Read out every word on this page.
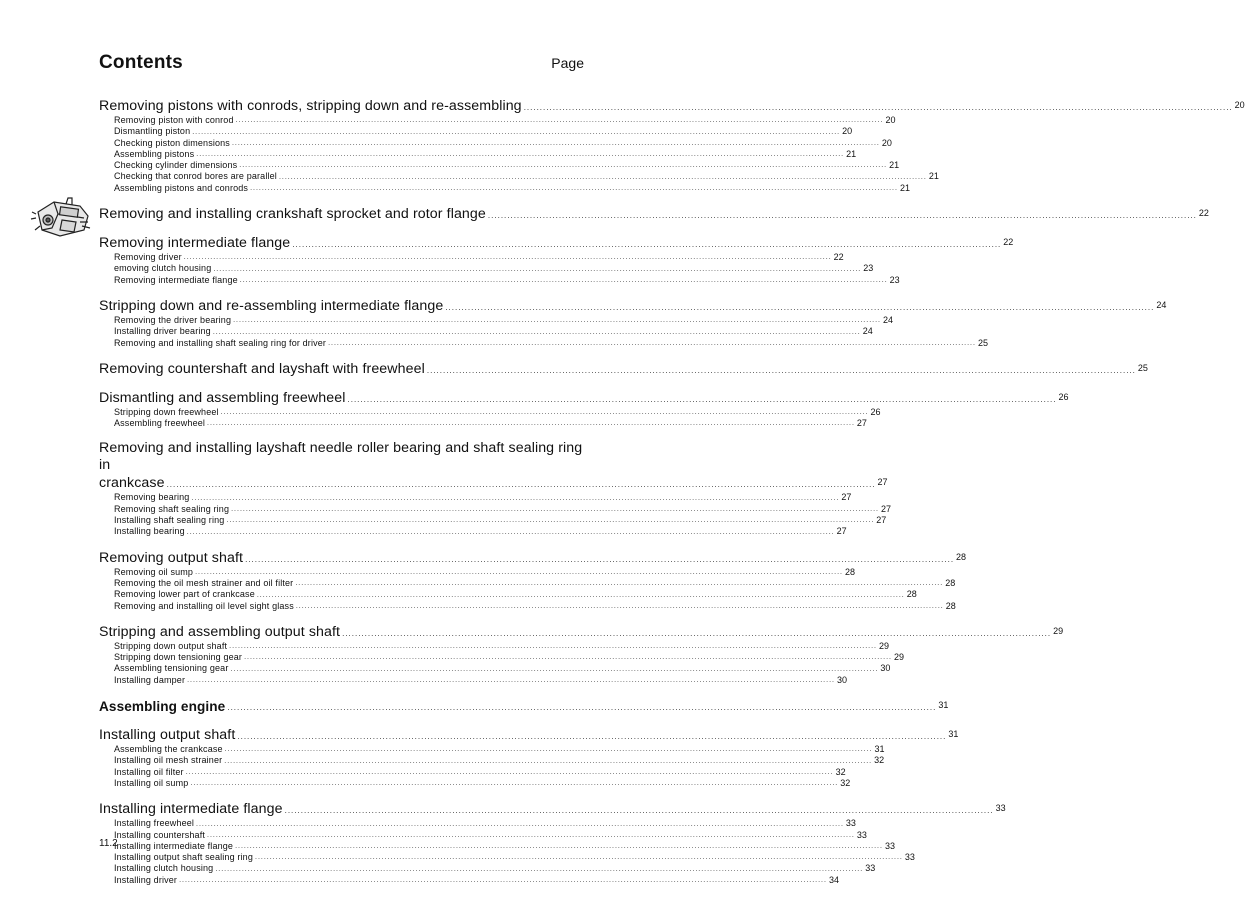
Contents	Page
Removing pistons with conrods, stripping down and re-assembling ............................................................................................................................................................................................................................ 20
Removing piston with conrod ............................................................................................................................................................................................................................ 20
Dismantling piston ............................................................................................................................................................................................................................ 20
Checking piston dimensions ............................................................................................................................................................................................................................ 20
Assembling pistons ............................................................................................................................................................................................................................ 21
Checking cylinder dimensions ............................................................................................................................................................................................................................ 21
Checking that conrod bores are parallel ............................................................................................................................................................................................................................ 21
Assembling pistons and conrods ............................................................................................................................................................................................................................ 21
Removing and installing crankshaft sprocket and rotor flange ............................................................................................................................................................................................................................ 22
Removing intermediate flange ............................................................................................................................................................................................................................ 22
Removing driver ............................................................................................................................................................................................................................ 22
emoving clutch housing ............................................................................................................................................................................................................................ 23
Removing intermediate flange ............................................................................................................................................................................................................................ 23
Stripping down and re-assembling intermediate flange ............................................................................................................................................................................................................................ 24
Removing the driver bearing ............................................................................................................................................................................................................................ 24
Installing driver bearing ............................................................................................................................................................................................................................ 24
Removing and installing shaft sealing ring for driver ............................................................................................................................................................................................................................ 25
Removing countershaft and layshaft with freewheel ............................................................................................................................................................................................................................ 25
Dismantling and assembling freewheel ............................................................................................................................................................................................................................ 26
Stripping down freewheel ............................................................................................................................................................................................................................ 26
Assembling freewheel ............................................................................................................................................................................................................................ 27
Removing and installing layshaft needle roller bearing and shaft sealing ring in
crankcase ............................................................................................................................................................................................................................ 27
Removing bearing ............................................................................................................................................................................................................................ 27
Removing shaft sealing ring ............................................................................................................................................................................................................................ 27
Installing shaft sealing ring ............................................................................................................................................................................................................................ 27
Installing bearing ............................................................................................................................................................................................................................ 27
Removing output shaft ............................................................................................................................................................................................................................ 28
Removing oil sump ............................................................................................................................................................................................................................ 28
Removing the oil mesh strainer and oil filter ............................................................................................................................................................................................................................ 28
Removing lower part of crankcase ............................................................................................................................................................................................................................ 28
Removing and installing oil level sight glass ............................................................................................................................................................................................................................ 28
Stripping and assembling output shaft ............................................................................................................................................................................................................................ 29
Stripping down output shaft ............................................................................................................................................................................................................................ 29
Stripping down tensioning gear ............................................................................................................................................................................................................................ 29
Assembling tensioning gear ............................................................................................................................................................................................................................ 30
Installing damper ............................................................................................................................................................................................................................ 30
Assembling engine ............................................................................................................................................................................................................................ 31
Installing output shaft ............................................................................................................................................................................................................................ 31
Assembling the crankcase ............................................................................................................................................................................................................................ 31
Installing oil mesh strainer ............................................................................................................................................................................................................................ 32
Installing oil filter ............................................................................................................................................................................................................................ 32
Installing oil sump ............................................................................................................................................................................................................................ 32
Installing intermediate flange ............................................................................................................................................................................................................................ 33
Installing freewheel ............................................................................................................................................................................................................................ 33
Installing countershaft ............................................................................................................................................................................................................................ 33
Installing intermediate flange ............................................................................................................................................................................................................................ 33
Installing output shaft sealing ring ............................................................................................................................................................................................................................ 33
Installing clutch housing ............................................................................................................................................................................................................................ 33
Installing driver ............................................................................................................................................................................................................................ 34
11.2
